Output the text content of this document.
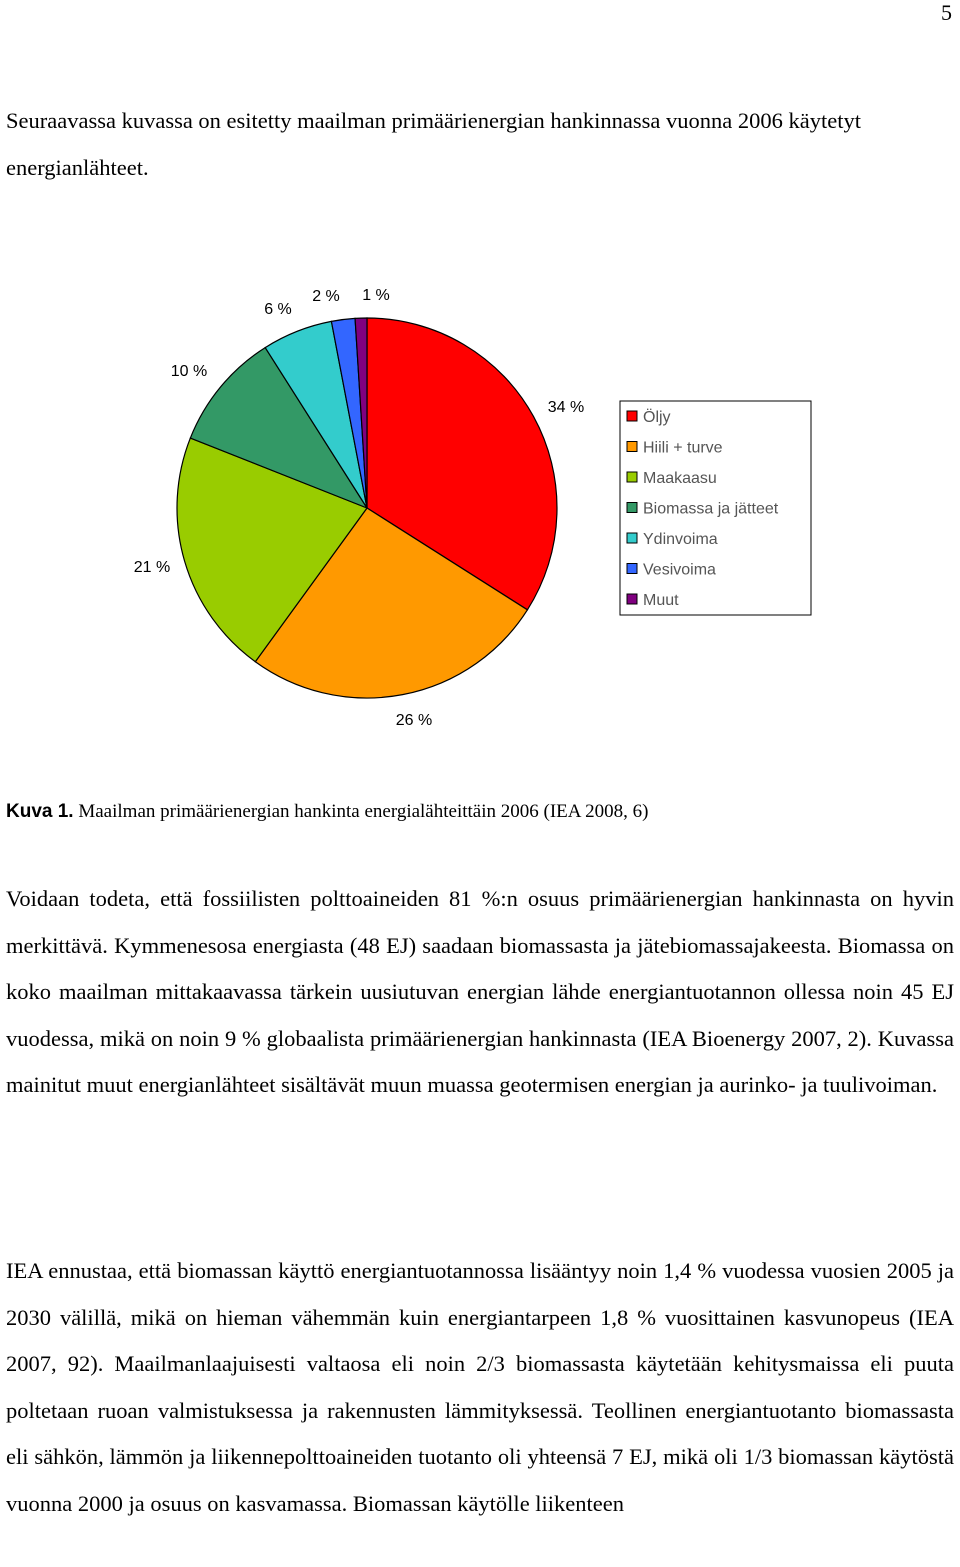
5

Seuraavassa kuvassa on esitetty maailman primäärienergian hankinnassa vuonna 2006 käytetyt energianlähteet.

34 %
26 %
21 %
10 %
6 %
2 % 1 %
Öljy
Hiili + turve
Maakaasu
Biomassa ja jätteet
Ydinvoima
Vesivoima
Muut

Kuva 1. Maailman primäärienergian hankinta energialähteittäin 2006 (IEA 2008, 6)

Voidaan todeta, että fossiilisten polttoaineiden 81 %:n osuus primäärienergian hankinnasta on hyvin merkittävä. Kymmenesosa energiasta (48 EJ) saadaan biomassasta ja jätebiomassajakeesta. Biomassa on koko maailman mittakaavassa tärkein uusiutuvan energian lähde energiantuotannon ollessa noin 45 EJ vuodessa, mikä on noin 9 % globaalista primäärienergian hankinnasta (IEA Bioenergy 2007, 2). Kuvassa mainitut muut energianlähteet sisältävät muun muassa geotermisen energian ja aurinko- ja tuulivoiman.

IEA ennustaa, että biomassan käyttö energiantuotannossa lisääntyy noin 1,4 % vuodessa vuosien 2005 ja 2030 välillä, mikä on hieman vähemmän kuin energiantarpeen 1,8 % vuosittainen kasvunopeus (IEA 2007, 92). Maailmanlaajuisesti valtaosa eli noin 2/3 biomassasta käytetään kehitysmaissa eli puuta poltetaan ruoan valmistuksessa ja rakennusten lämmityksessä. Teollinen energiantuotanto biomassasta eli sähkön, lämmön ja liikennepolttoaineiden tuotanto oli yhteensä 7 EJ, mikä oli 1/3 biomassan käytöstä vuonna 2000 ja osuus on kasvamassa. Biomassan käytölle liikenteen
